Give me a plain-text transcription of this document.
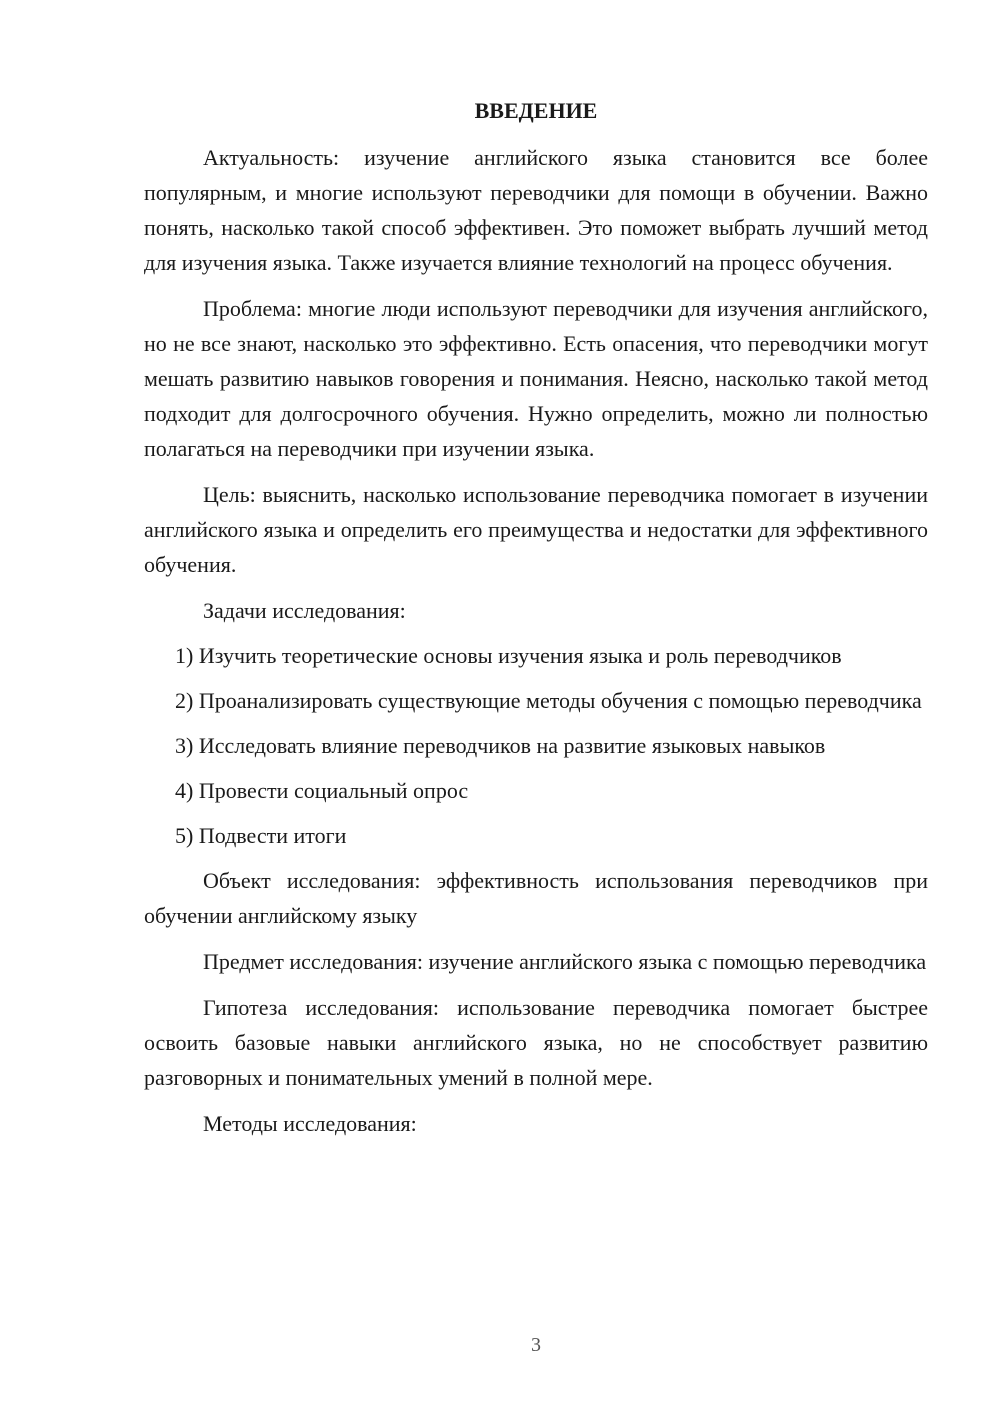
ВВЕДЕНИЕ

Актуальность: изучение английского языка становится все более популярным, и многие используют переводчики для помощи в обучении. Важно понять, насколько такой способ эффективен. Это поможет выбрать лучший метод для изучения языка. Также изучается влияние технологий на процесс обучения.

Проблема: многие люди используют переводчики для изучения английского, но не все знают, насколько это эффективно. Есть опасения, что переводчики могут мешать развитию навыков говорения и понимания. Неясно, насколько такой метод подходит для долгосрочного обучения. Нужно определить, можно ли полностью полагаться на переводчики при изучении языка.

Цель: выяснить, насколько использование переводчика помогает в изучении английского языка и определить его преимущества и недостатки для эффективного обучения.

Задачи исследования:

1) Изучить теоретические основы изучения языка и роль переводчиков
2) Проанализировать существующие методы обучения с помощью переводчика
3) Исследовать влияние переводчиков на развитие языковых навыков
4) Провести социальный опрос
5) Подвести итоги

Объект исследования: эффективность использования переводчиков при обучении английскому языку

Предмет исследования: изучение английского языка с помощью переводчика

Гипотеза исследования: использование переводчика помогает быстрее освоить базовые навыки английского языка, но не способствует развитию разговорных и понимательных умений в полной мере.

Методы исследования:

3
